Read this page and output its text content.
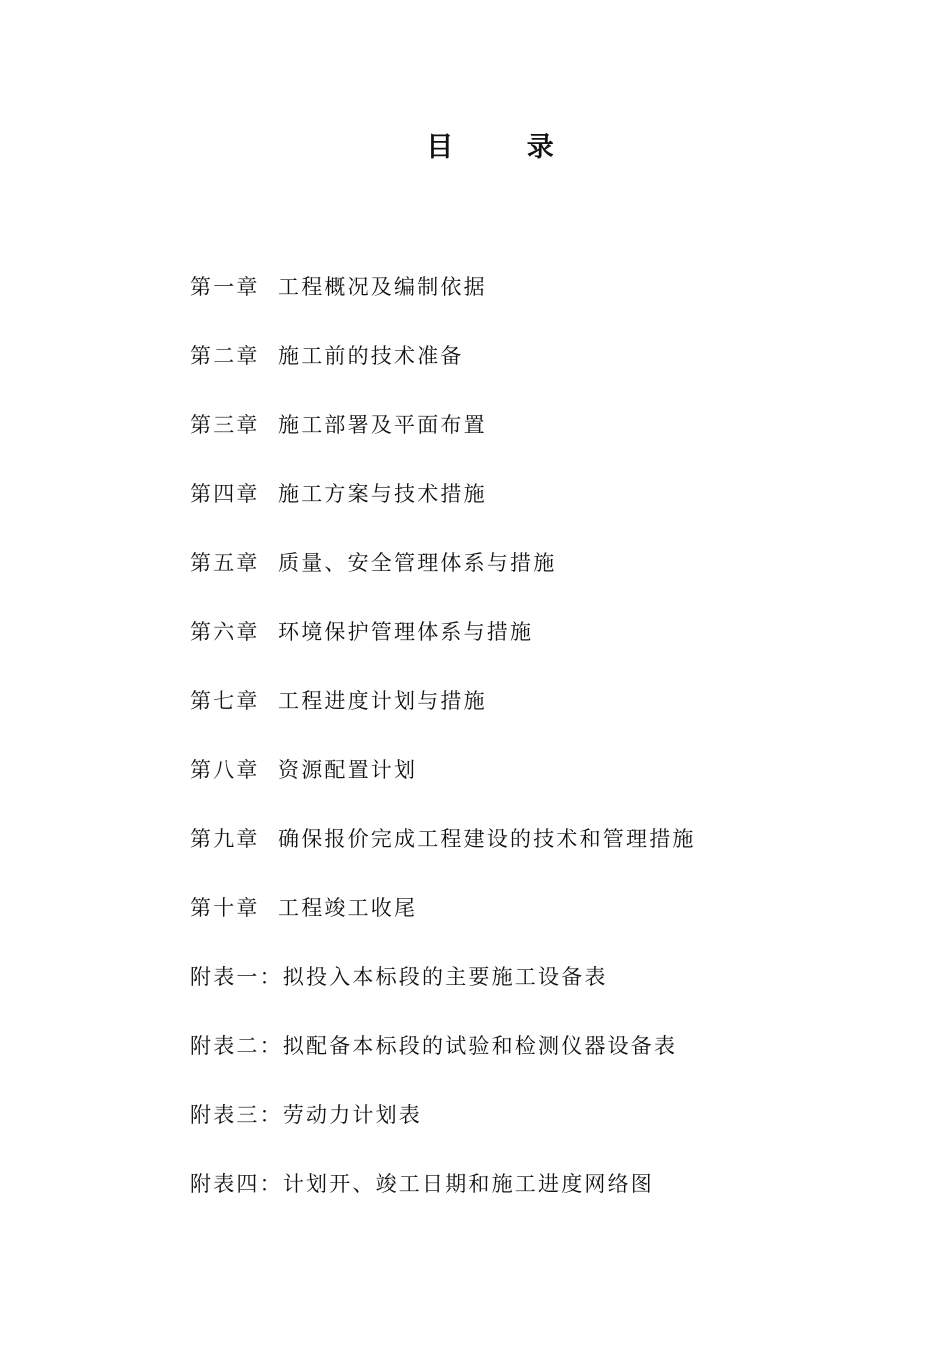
目 录
第一章 工程概况及编制依据
第二章 施工前的技术准备
第三章 施工部署及平面布置
第四章 施工方案与技术措施
第五章 质量、安全管理体系与措施
第六章 环境保护管理体系与措施
第七章 工程进度计划与措施
第八章 资源配置计划
第九章 确保报价完成工程建设的技术和管理措施
第十章 工程竣工收尾
附表一： 拟投入本标段的主要施工设备表
附表二： 拟配备本标段的试验和检测仪器设备表
附表三： 劳动力计划表
附表四： 计划开、竣工日期和施工进度网络图
